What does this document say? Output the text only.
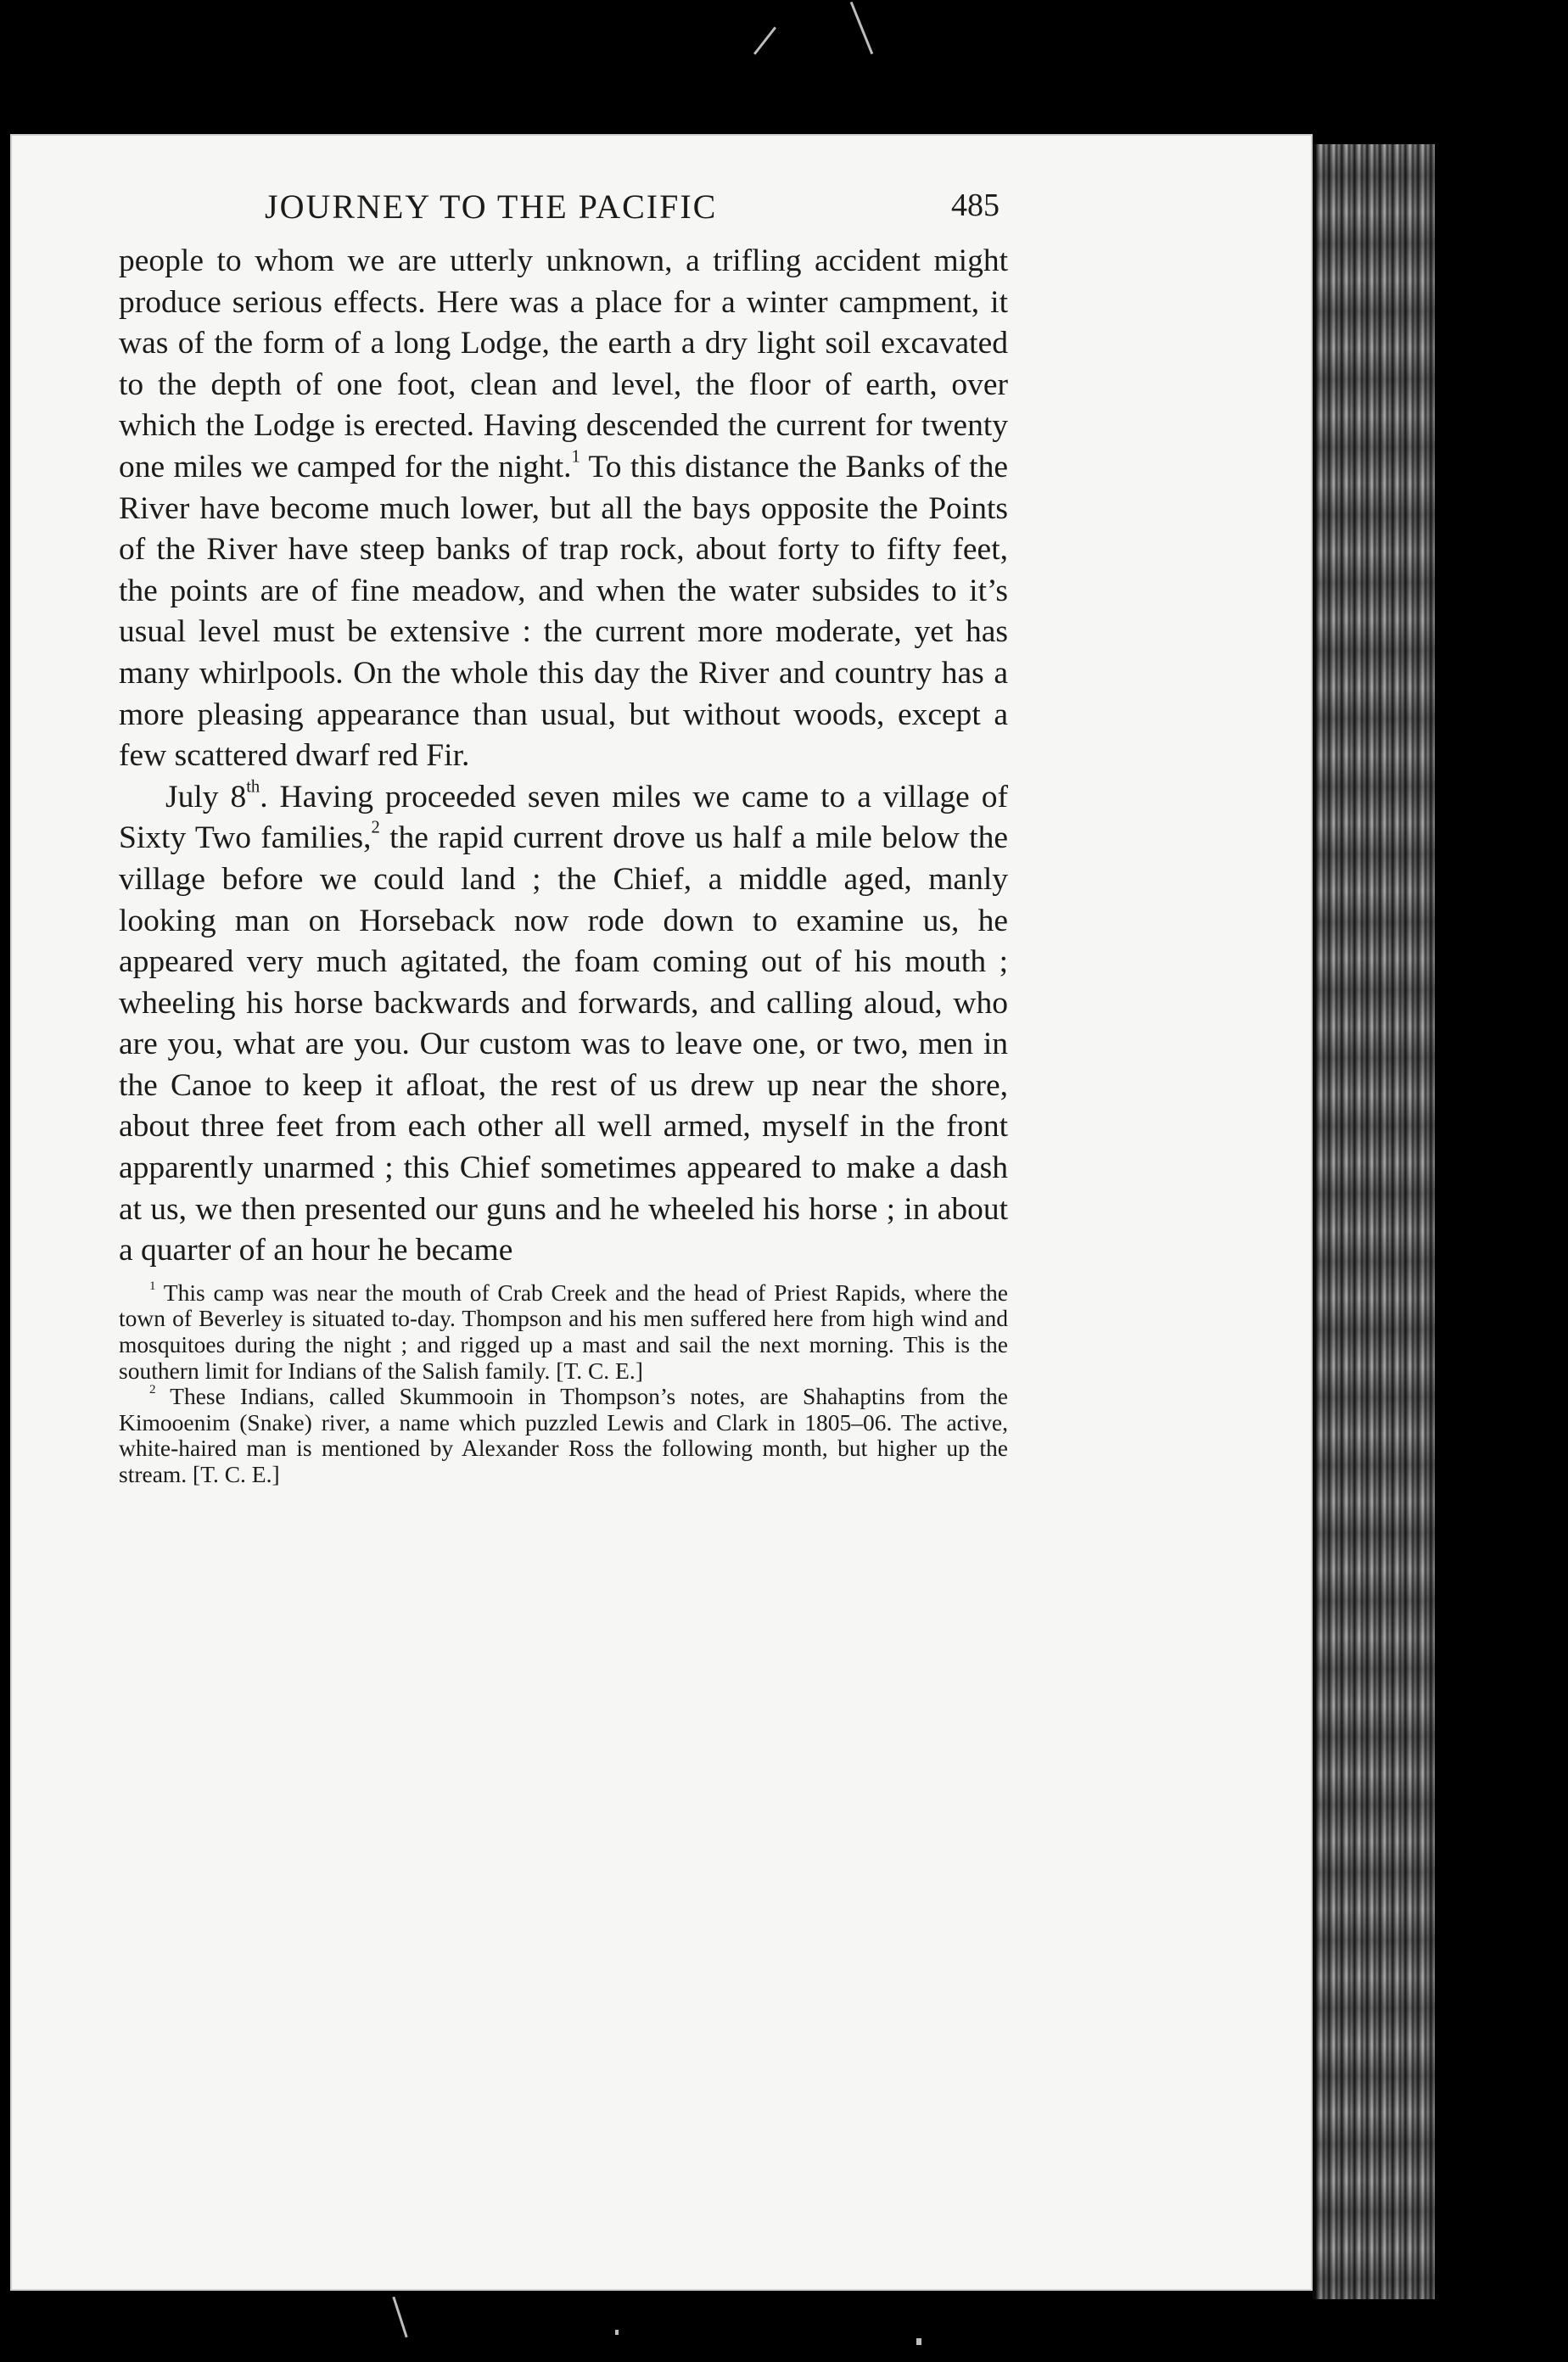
JOURNEY TO THE PACIFIC	485

people to whom we are utterly unknown, a trifling accident might produce serious effects. Here was a place for a winter campment, it was of the form of a long Lodge, the earth a dry light soil excavated to the depth of one foot, clean and level, the floor of earth, over which the Lodge is erected. Having descended the current for twenty one miles we camped for the night.$^1$ To this distance the Banks of the River have become much lower, but all the bays opposite the Points of the River have steep banks of trap rock, about forty to fifty feet, the points are of fine meadow, and when the water subsides to it’s usual level must be extensive : the current more moderate, yet has many whirlpools. On the whole this day the River and country has a more pleasing appearance than usual, but without woods, except a few scattered dwarf red Fir.

July 8th. Having proceeded seven miles we came to a village of Sixty Two families,$^2$ the rapid current drove us half a mile below the village before we could land ; the Chief, a middle aged, manly looking man on Horseback now rode down to examine us, he appeared very much agitated, the foam coming out of his mouth ; wheeling his horse backwards and forwards, and calling aloud, who are you, what are you. Our custom was to leave one, or two, men in the Canoe to keep it afloat, the rest of us drew up near the shore, about three feet from each other all well armed, myself in the front apparently unarmed ; this Chief sometimes appeared to make a dash at us, we then presented our guns and he wheeled his horse ; in about a quarter of an hour he became

$^1$ This camp was near the mouth of Crab Creek and the head of Priest Rapids, where the town of Beverley is situated to-day. Thompson and his men suffered here from high wind and mosquitoes during the night ; and rigged up a mast and sail the next morning. This is the southern limit for Indians of the Salish family. [T. C. E.]

$^2$ These Indians, called Skummooin in Thompson’s notes, are Shahaptins from the Kimooenim (Snake) river, a name which puzzled Lewis and Clark in 1805–06. The active, white-haired man is mentioned by Alexander Ross the following month, but higher up the stream. [T. C. E.]
